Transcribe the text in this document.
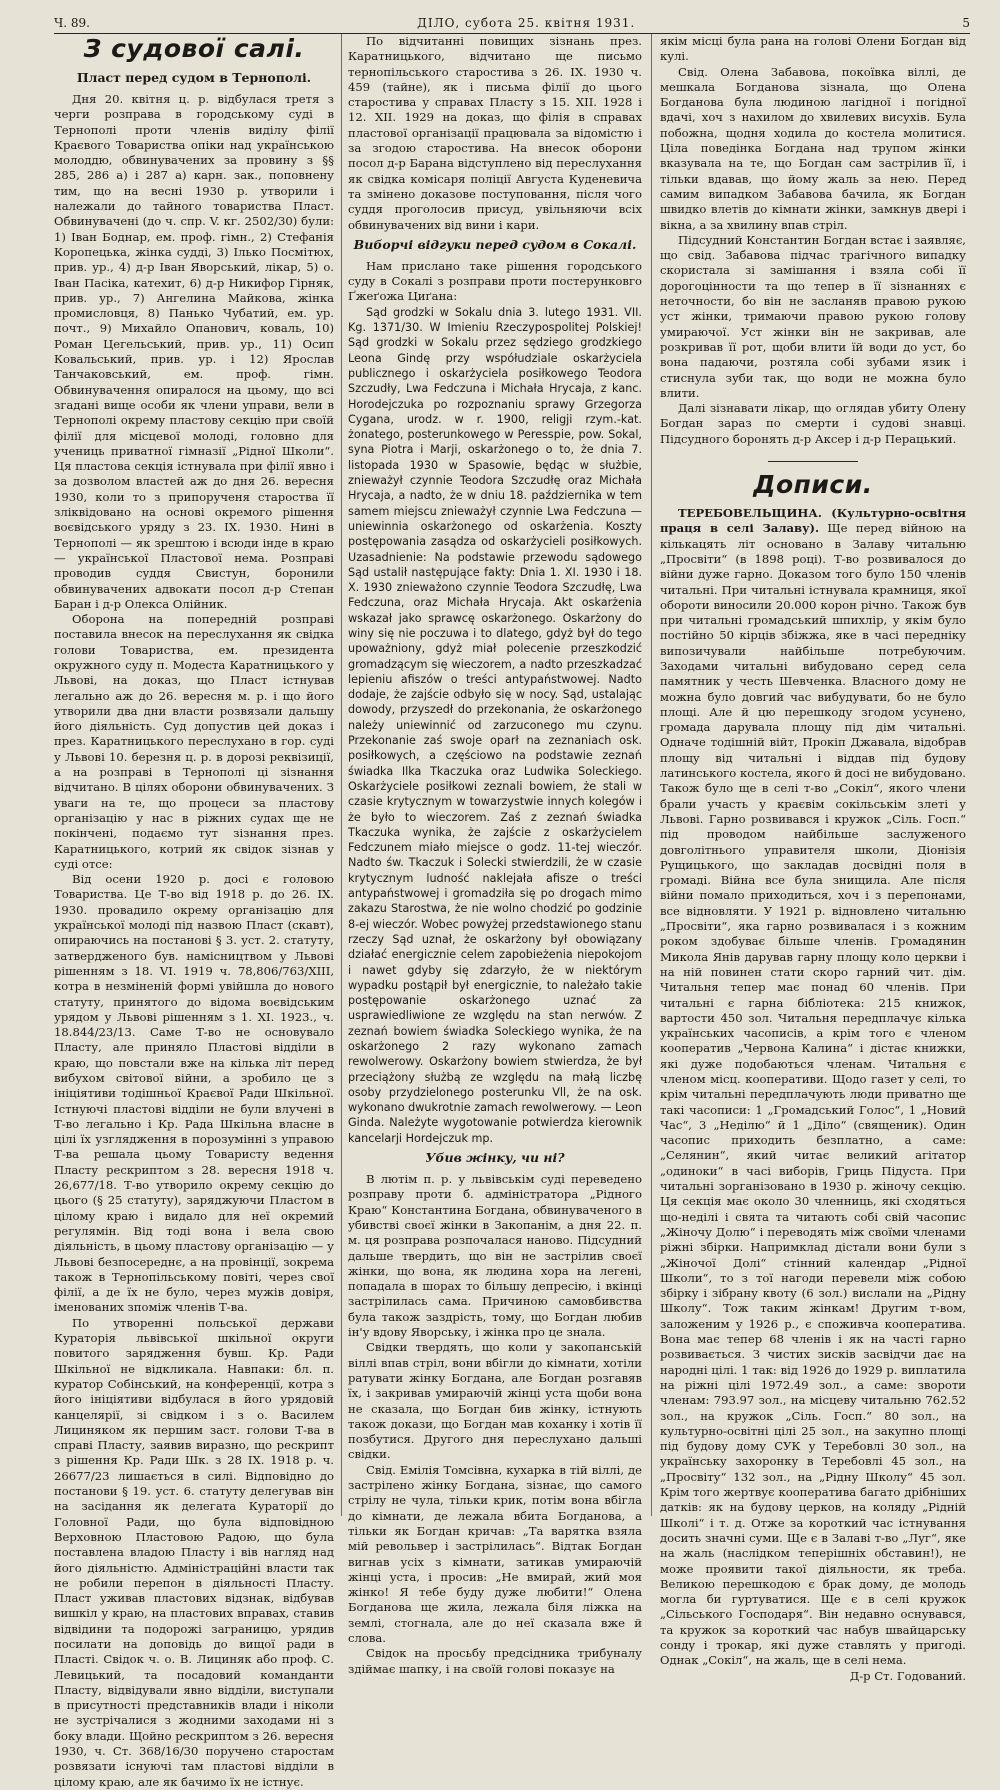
Ч. 89.	ДІЛО, субота 25. квітня 1931.	5
З судової салі.
Пласт перед судом в Тернополі.

Дня 20. квітня ц. р. відбулася третя з черги розправа в городському суді в Тернополі проти членів виділу філії Краєвого Товариства опіки над українською молоддю, обвинувачених за провину з §§ 285, 286 а) і 287 а) карн. зак., поповнену тим, що на весні 1930 р. утворили і належали до тайного товариства Пласт. Обвинувачені (до ч. спр. V. кг. 2502/30) були: 1) Іван Боднар, ем. проф. гімн., 2) Стефанія Коропецька, жінка судді, 3) Ілько Посмітюх, прив. ур., 4) д-р Іван Яворський, лікар, 5) о. Іван Пасіка, катехит, 6) д-р Никифор Гірняк, прив. ур., 7) Ангелина Майкова, жінка промисловця, 8) Панько Чубатий, ем. ур. почт., 9) Михайло Опанович, коваль, 10) Роман Цегельський, прив. ур., 11) Осип Ковальський, прив. ур. і 12) Ярослав Танчаковський, ем. проф. гімн. Обвинувачення опиралося на цьому, що всі згадані вище особи як члени управи, вели в Тернополі окрему пластову секцію при своїй філії для місцевої молоді, головно для учениць приватної гімназії „Рідної Школи“. Ця пластова секція істнувала при філії явно і за дозволом властей аж до дня 26. вересня 1930, коли то з припорученя староства її зліквідовано на основі окремого рішення воєвідського уряду з 23. IX. 1930. Нині в Тернополі — як зрештою і всюди інде в краю — української Пластової нема. Розправі проводив суддя Свистун, боронили обвинувачених адвокати посол д-р Степан Баран і д-р Олекса Олійник.

Оборона на попередній розправі поставила внесок на переслухання як свідка голови Товариства, ем. президента окружного суду п. Модеста Каратницького у Львові, на доказ, що Пласт істнував легально аж до 26. вересня м. р. і що його утворили два дни власти розвязали дальшу його діяльність. Суд допустив цей доказ і през. Каратницького переслухано в гор. суді у Львові 10. березня ц. р. в дорозі реквізиції, а на розправі в Тернополі ці зізнання відчитано. В цілях оборони обвинувачених. З уваги на те, що процеси за пластову організацію у нас в ріжних судах ще не покінчені, подаємо тут зізнання през. Каратницького, котрий як свідок зізнав у суді отсе:

Від осени 1920 р. досі є головою Товариства. Це Т-во від 1918 р. до 26. IX. 1930. провадило окрему організацію для української молоді під назвою Пласт (скавт), опираючись на постанові § 3. уст. 2. статуту, затвердженого був. намісництвом у Львові рішенням з 18. VI. 1919 ч. 78,806/763/XIII, котра в незміненій формі увійшла до нового статуту, принятого до відома воєвідським урядом у Львові рішенням з 1. XI. 1923., ч. 18.844/23/13. Саме Т-во не основувало Пласту, але приняло Пластові відділи в краю, що повстали вже на кілька літ перед вибухом світової війни, а зробило це з ініціятиви тодішньої Краєвої Ради Шкільної. Істнуючі пластові відділи не були влучені в Т-во легально і Кр. Рада Шкільна власне в цілі їх узглядження в порозумінні з управою Т-ва решала цьому Товаристу ведення Пласту рескриптом з 28. вересня 1918 ч. 26,677/18. Т-во утворило окрему секцію до цього (§ 25 статуту), заряджуючи Пластом в цілому краю і видало для неї окремий регулямін. Від тоді вона і вела свою діяльність, в цьому пластову організацію — у Львові безпосереднє, а на провінції, зокрема також в Тернопільському повіті, через свої філії, а де їх не було, через мужів довіря, іменованих зпоміж членів Т-ва.

По утворенні польської держави Кураторія львівської шкільної округи повитого зарядження бувш. Кр. Ради Шкільної не відкликала. Навпаки: бл. п. куратор Собінський, на конференції, котра з його ініціятиви відбулася в його урядовій канцелярії, зі свідком і з о. Василем Лициняком як першим заст. голови Т-ва в справі Пласту, заявив виразно, що рескрипт з рішення Кр. Ради Шк. з 28 IX. 1918 р. ч. 26677/23 лишається в силі. Відповідно до постанови § 19. уст. 6. статуту делегував він на засідання як делегата Кураторії до Головної Ради, що була відповідною Верховною Пластовою Радою, що була поставлена владою Пласту і вів нагляд над його діяльністю. Адміністраційні власти так не робили перепон в діяльності Пласту. Пласт уживав пластових відзнак, відбував вишкіл у краю, на пластових вправах, ставив відвідини та подорожі заграницю, урядив посилати на доповідь до вищої ради в Пласті. Свідок ч. о. В. Лициняк або проф. С. Левицький, та посадовий команданти Пласту, відвідували явно відділи, виступали в присутності представників влади і ніколи не зустрічалися з жодними заходами ні з боку влади. Щойно рескриптом з 26. вересня 1930, ч. Ст. 368/16/30 поручено старостам розвязати існуючі там пластові відділи в цілому краю, але як бачимо їх не істнує.

По відчитанні повищих зізнань през. Каратницького, відчитано ще письмо тернопільського старостива з 26. IX. 1930 ч. 459 (тайне), як і письма філії до цього старостива у справах Пласту з 15. XII. 1928 і 12. XII. 1929 на доказ, що філія в справах пластової організації працювала за відомістю і за згодою старостива. На внесок оборони посол д-р Барана відступлено від переслухання як свідка комісаря поліції Августа Куденевича та змінено доказове поступовання, після чого суддя проголосив присуд, увільняючи всіх обвинувачених від вини і кари.

Виборчі відгуки перед судом в Сокалі.

Нам прислано таке рішення городського суду в Сокалі з розправи проти постерунковго Ґжеґожа Циґана:

Sąd grodzki w Sokalu dnia 3. lutego 1931. VII. Kg. 1371/30. W Imieniu Rzeczypospolitej Polskiej! Sąd grodzki w Sokalu przez sędziego grodzkiego Leona Gindę przy współudziale oskarżyciela publicznego i oskarżyciela posiłkowego Teodora Szczudły, Lwa Fedczuna i Michała Hrycaja, z kanc. Horodejczuka po rozpoznaniu sprawy Grzegorza Cygana, urodz. w r. 1900, religji rzym.-kat. żonatego, posterunkowego w Peresspie, pow. Sokal, syna Piotra i Marji, oskarżonego o to, że dnia 7. listopada 1930 w Spasowie, będąc w służbie, znieważył czynnie Teodora Szczudłę oraz Michała Hrycaja, a nadto, że w dniu 18. października w tem samem miejscu znieważył czynnie Lwa Fedczuna — uniewinnia oskarżonego od oskarżenia. Koszty postępowania zasądza od oskarżycieli posiłkowych. Uzasadnienie: Na podstawie przewodu sądowego Sąd ustalił następujące fakty: Dnia 1. XI. 1930 i 18. X. 1930 znieważono czynnie Teodora Szczudłę, Lwa Fedczuna, oraz Michała Hrycaja. Akt oskarżenia wskazał jako sprawcę oskarżonego. Oskarżony do winy się nie poczuwa i to dlatego, gdyż był do tego upoważniony, gdyż miał polecenie przeszkodzić gromadzącym się wieczorem, a nadto przeszkadzać lepieniu afiszów o treści antypaństwowej. Nadto dodaje, że zajście odbyło się w nocy. Sąd, ustalając dowody, przyszedł do przekonania, że oskarżonego należy uniewinnić od zarzuconego mu czynu. Przekonanie zaś swoje oparł na zeznaniach osk. posiłkowych, a częściowo na podstawie zeznań świadka Ilka Tkaczuka oraz Ludwika Soleckiego. Oskarżyciele posiłkowi zeznali bowiem, że stali w czasie krytycznym w towarzystwie innych kolegów i że było to wieczorem. Zaś z zeznań świadka Tkaczuka wynika, że zajście z oskarżycielem Fedczunem miało miejsce o godz. 11-tej wieczór. Nadto św. Tkaczuk i Solecki stwierdzili, że w czasie krytycznym ludność naklejała afisze o treści antypaństwowej i gromadziła się po drogach mimo zakazu Starostwa, że nie wolno chodzić po godzinie 8-ej wieczór. Wobec powyżej przedstawionego stanu rzeczy Sąd uznał, że oskarżony był obowiązany działać energicznie celem zapobieżenia niepokojom i nawet gdyby się zdarzyło, że w niektórym wypadku postąpił był energicznie, to należało takie postępowanie oskarżonego uznać za usprawiedliwione ze względu na stan nerwów. Z zeznań bowiem świadka Soleckiego wynika, że na oskarżonego 2 razy wykonano zamach rewolwerowy. Oskarżony bowiem stwierdza, że był przeciążony służbą ze względu na małą liczbę osoby przydzielonego posterunku Vll, że na osk. wykonano dwukrotnie zamach rewolwerowy. — Leon Ginda. Należyte wygotowanie potwierdza kierownik kancelarji Hordejczuk mp.

Убив жінку, чи ні?

В лютім п. р. у львівськім суді переведено розправу проти б. адміністратора „Рідного Краю“ Константина Богдана, обвинуваченого в убивстві своєї жінки в Закопанім, а дня 22. п. м. ця розправа розпочалася наново. Підсудний дальше твердить, що він не застрілив своєї жінки, що вона, як людина хора на легені, попадала в шорах то більшу депресію, і вкінці застрілилась сама. Причиною самовбивства була також заздрість, тому, що Богдан любив ін'у вдову Яворську, і жінка про це знала.

Свідки твердять, що коли у закопанській віллі впав стріл, вони вбігли до кімнати, хотіли ратувати жінку Богдана, але Богдан розгавяв їх, і закривав умираючій жінці уста щоби вона не сказала, що Богдан бив жінку, істнують також докази, що Богдан мав коханку і хотів її позбутися. Другого дня переслухано дальші свідки.

Свід. Емілія Томсівна, кухарка в тій віллі, де застрілено жінку Богдана, зізнає, що самого стрілу не чула, тільки крик, потім вона вбігла до кімнати, де лежала вбита Богданова, а тільки як Богдан кричав: „Та варятка взяла мій револьвер і застрілилась“. Відтак Богдан вигнав усіх з кімнати, затикав умираючій жінці уста, і просив: „Не вмирай, жий моя жінко! Я тебе буду дуже любити!“ Олена Богданова ще жила, лежала біля ліжка на землі, стогнала, але до неї сказала вже й слова.

Свідок на просьбу предсідника трибуналу здіймає шапку, і на своїй голові показує на

якім місці була рана на голові Олени Богдан від кулі.

Свід. Олена Забавова, покоївка віллі, де мешкала Богданова зізнала, що Олена Богданова була людиною лагідної і погідної вдачі, хоч з нахилом до хвилевих висухів. Була побожна, щодня ходила до костела молитися. Ціла поведінка Богдана над трупом жінки вказувала на те, що Богдан сам застрілив її, і тільки вдавав, що йому жаль за нею. Перед самим випадком Забавова бачила, як Богдан швидко влетів до кімнати жінки, замкнув двері і вікна, а за хвилину впав стріл.

Підсудний Константин Богдан встає і заявляє, що свід. Забавова підчас трагічного випадку скористала зі замішання і взяла собі її дорогоцінности та що тепер в її зізнаннях є неточности, бо він не засланяв правою рукою уст жінки, тримаючи правою рукою голову умираючої. Уст жінки він не закривав, але розкривав її рот, щоби влити їй води до уст, бо вона падаючи, розтяла собі зубами язик і стиснула зуби так, що води не можна було влити.

Далі зізнавати лікар, що оглядав убиту Олену Богдан зараз по смерти і судові знавці. Підсудного боронять д-р Аксер і д-р Перацький.

Дописи.

ТЕРЕБОВЕЛЬЩИНА. (Культурно-освітня праця в селі Залаву). Ще перед війною на кількацять літ основано в Залаву читальню „Просвіти“ (в 1898 році). Т-во розвивалося до війни дуже гарно. Доказом того було 150 членів читальні. При читальні істнувала крамниця, якої обороти виносили 20.000 корон річно. Також був при читальні громадський шпихлір, у якім було постійно 50 кірців збіжжа, яке в часі передніку випозичували найбільше потребуючим. Заходами читальні вибудовано серед села памятник у честь Шевченка. Власного дому не можна було довгий час вибудувати, бо не було площі. Але й цю перешкоду згодом усунено, громада дарувала площу під дім читальні. Одначе тодішній війт, Прокіп Джавала, відобрав площу від читальні і віддав під будову латинського костела, якого й досі не вибудовано. Також було ще в селі т-во „Сокіл“, якого члени брали участь у краєвім сокільськім злеті у Львові. Гарно розвивався і кружок „Сіль. Госп.“ під проводом найбільше заслуженого довголітнього управителя школи, Діонізія Рущицького, що закладав досвідні поля в громаді. Війна все була знищила. Але після війни помало приходиться, хоч і з перепонами, все відновляти. У 1921 р. відновлено читальню „Просвіти“, яка гарно розвивалася і з кожним роком здобуває більше членів. Громадянин Микола Янів дарував гарну площу коло церкви і на ній повинен стати скоро гарний чит. дім. Читальня тепер має понад 60 членів. При читальні є гарна бібліотека: 215 книжок, вартости 450 зол. Читальня передплачує кілька українських часописів, а крім того є членом кооператив „Червона Калина“ і дістає книжки, які дуже подобаються членам. Читальня є членом місц. кооперативи. Щодо газет у селі, то крім читальні передплачують люди приватно ще такі часописи: 1 „Громадський Голос“, 1 „Новий Час“, 3 „Неділю“ й 1 „Діло“ (священик). Один часопис приходить безплатно, а саме: „Селянин“, який читає великий агітатор „одиноки“ в часі виборів, Гриць Підуста. При читальні зорганізовано в 1930 р. жіночу секцію. Ця секція має около 30 членниць, які сходяться що-неділі і свята та читають собі свій часопис „Жіночу Долю“ і переводять між своїми членами ріжні збірки. Напримклад дістали вони були з „Жіночої Долі“ стінний календар „Рідної Школи“, то з тої нагоди перевели між собою збірку і зібрану квоту (6 зол.) вислали на „Рідну Школу“. Тож таким жінкам! Другим т-вом, заложеним у 1926 р., є споживча кооператива. Вона має тепер 68 членів і як на часті гарно розвивається. З чистих зисків засвідчи дає на народні цілі. 1 так: від 1926 до 1929 р. виплатила на ріжні цілі 1972.49 зол., а саме: звороти членам: 793.97 зол., на місцеву читальню 762.52 зол., на кружок „Сіль. Госп.“ 80 зол., на культурно-освітні цілі 25 зол., на закупно площі під будову дому СУК у Теребовлі 30 зол., на українську захоронку в Теребовлі 45 зол., на „Просвіту“ 132 зол., на „Рідну Школу“ 45 зол. Крім того жертвує кооператива багато дрібніших датків: як на будову церков, на коляду „Рідній Школі“ і т. д. Отже за короткий час істнування досить значні суми. Ще є в Залаві т-во „Луг“, яке на жаль (наслідком теперішніх обставин!), не може проявити такої діяльности, як треба. Великою перешкодою є брак дому, де молодь могла би гуртуватися. Ще є в селі кружок „Сільського Господаря“. Він недавно оснувався, та кружок за короткий час набув швайцарську сонду і трокар, які дуже ставлять у пригоді. Однак „Сокіл“, на жаль, ще в селі нема.

Д-р Ст. Годований.
